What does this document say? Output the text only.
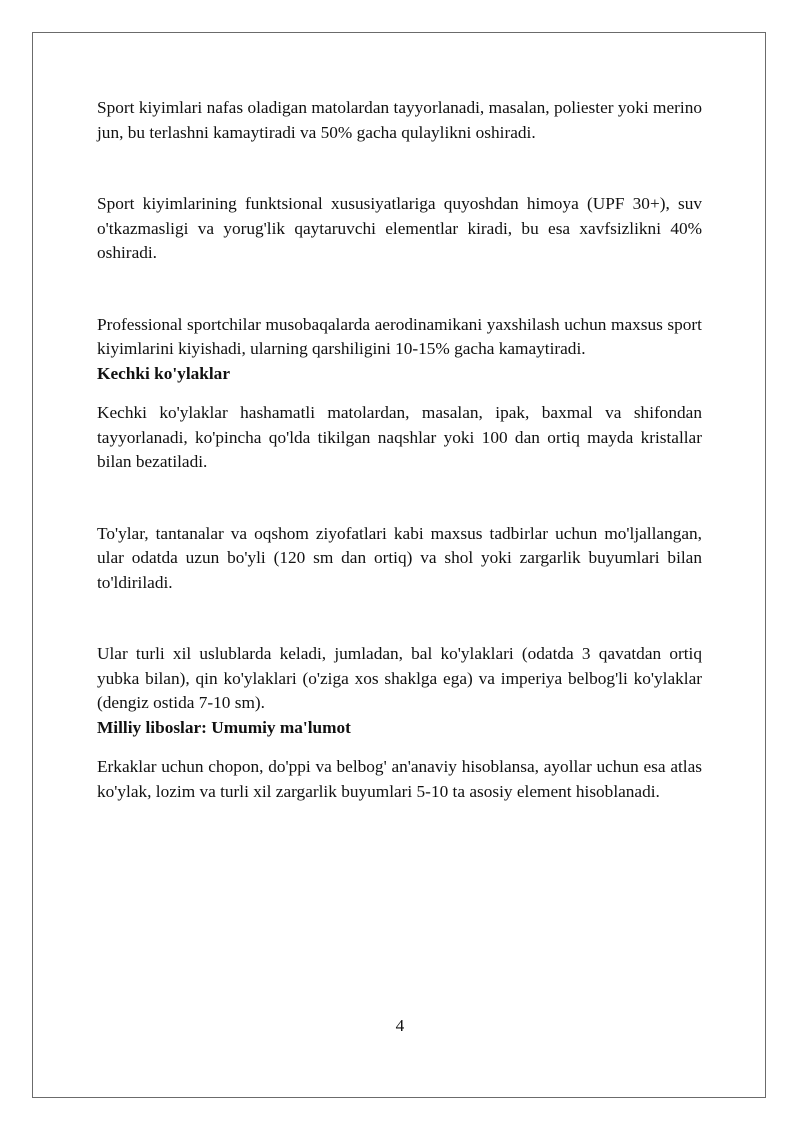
Sport kiyimlari nafas oladigan matolardan tayyorlanadi, masalan, poliester yoki merino jun, bu terlashni kamaytiradi va 50% gacha qulaylikni oshiradi.

Sport kiyimlarining funktsional xususiyatlariga quyoshdan himoya (UPF 30+), suv o'tkazmasligi va yorug'lik qaytaruvchi elementlar kiradi, bu esa xavfsizlikni 40% oshiradi.

Professional sportchilar musobaqalarda aerodinamikani yaxshilash uchun maxsus sport kiyimlarini kiyishadi, ularning qarshiligini 10-15% gacha kamaytiradi.

Kechki ko'ylaklar

Kechki ko'ylaklar hashamatli matolardan, masalan, ipak, baxmal va shifondan tayyorlanadi, ko'pincha qo'lda tikilgan naqshlar yoki 100 dan ortiq mayda kristallar bilan bezatiladi.

To'ylar, tantanalar va oqshom ziyofatlari kabi maxsus tadbirlar uchun mo'ljallangan, ular odatda uzun bo'yli (120 sm dan ortiq) va shol yoki zargarlik buyumlari bilan to'ldiriladi.

Ular turli xil uslublarda keladi, jumladan, bal ko'ylaklari (odatda 3 qavatdan ortiq yubka bilan), qin ko'ylaklari (o'ziga xos shaklga ega) va imperiya belbog'li ko'ylaklar (dengiz ostida 7-10 sm).

Milliy liboslar: Umumiy ma'lumot

Erkaklar uchun chopon, do'ppi va belbog' an'anaviy hisoblansa, ayollar uchun esa atlas ko'ylak, lozim va turli xil zargarlik buyumlari 5-10 ta asosiy element hisoblanadi.

4
